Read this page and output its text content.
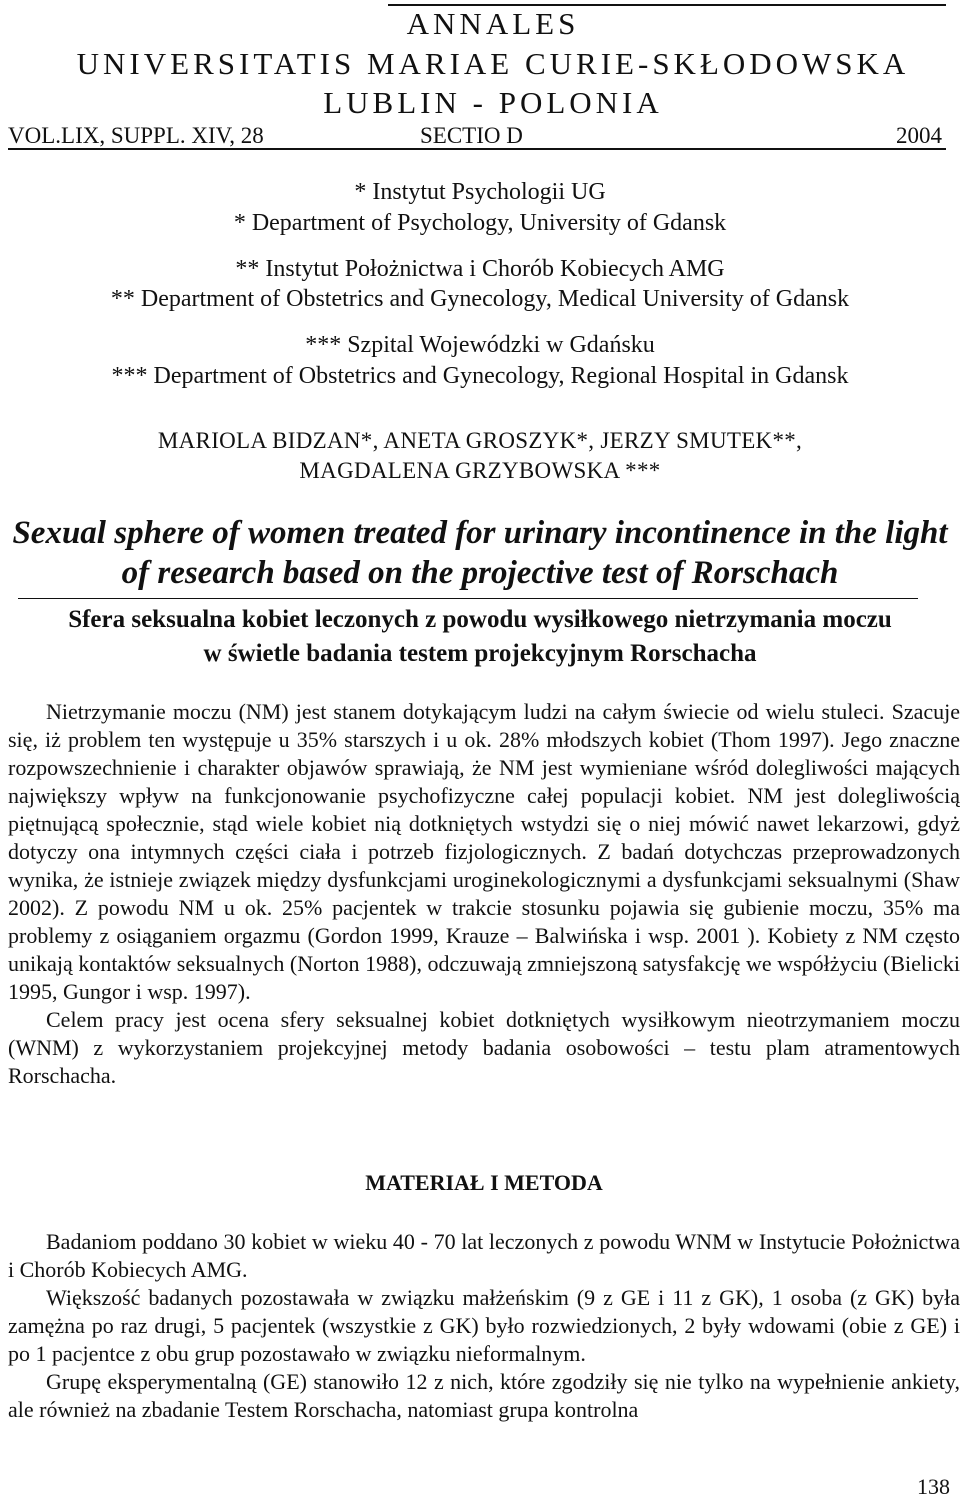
ANNALES
UNIVERSITATIS MARIAE CURIE-SKŁODOWSKA
LUBLIN - POLONIA
VOL.LIX, SUPPL. XIV, 28	SECTIO D	2004
* Instytut Psychologii UG
* Department of Psychology, University of Gdansk
** Instytut Położnictwa i Chorób Kobiecych AMG
** Department of Obstetrics and Gynecology, Medical University of Gdansk
*** Szpital Wojewódzki w Gdańsku
*** Department of Obstetrics and Gynecology, Regional Hospital in Gdansk
MARIOLA BIDZAN*, ANETA GROSZYK*, JERZY SMUTEK**,
MAGDALENA GRZYBOWSKA ***
Sexual sphere of women treated for urinary incontinence in the light
of research based on the projective test of Rorschach
Sfera seksualna kobiet leczonych z powodu wysiłkowego nietrzymania moczu
w świetle badania testem projekcyjnym Rorschacha

Nietrzymanie moczu (NM) jest stanem dotykającym ludzi na całym świecie od wielu stuleci. Szacuje się, iż problem ten występuje u 35% starszych i u ok. 28% młodszych kobiet (Thom 1997). Jego znaczne rozpowszechnienie i charakter objawów sprawiają, że NM jest wymieniane wśród dolegliwości mających największy wpływ na funkcjonowanie psychofizyczne całej populacji kobiet. NM jest dolegliwością piętnującą społecznie, stąd wiele kobiet nią dotkniętych wstydzi się o niej mówić nawet lekarzowi, gdyż dotyczy ona intymnych części ciała i potrzeb fizjologicznych. Z badań dotychczas przeprowadzonych wynika, że istnieje związek między dysfunkcjami uroginekologicznymi a dysfunkcjami seksualnymi (Shaw 2002). Z powodu NM u ok. 25% pacjentek w trakcie stosunku pojawia się gubienie moczu, 35% ma problemy z osiąganiem orgazmu (Gordon 1999, Krauze – Balwińska i wsp. 2001 ). Kobiety z NM często unikają kontaktów seksualnych (Norton 1988), odczuwają zmniejszoną satysfakcję we współżyciu (Bielicki 1995, Gungor i wsp. 1997).

Celem pracy jest ocena sfery seksualnej kobiet dotkniętych wysiłkowym nieotrzymaniem moczu (WNM) z wykorzystaniem projekcyjnej metody badania osobowości – testu plam atramentowych Rorschacha.

MATERIAŁ I METODA

Badaniom poddano 30 kobiet w wieku 40 - 70 lat leczonych z powodu WNM w Instytucie Położnictwa i Chorób Kobiecych AMG.

Większość badanych pozostawała w związku małżeńskim (9 z GE i 11 z GK), 1 osoba (z GK) była zamężna po raz drugi, 5 pacjentek (wszystkie z GK) było rozwiedzionych, 2 były wdowami (obie z GE) i po 1 pacjentce z obu grup pozostawało w związku nieformalnym.

Grupę eksperymentalną (GE) stanowiło 12 z nich, które zgodziły się nie tylko na wypełnienie ankiety, ale również na zbadanie Testem Rorschacha, natomiast grupa kontrolna

138
